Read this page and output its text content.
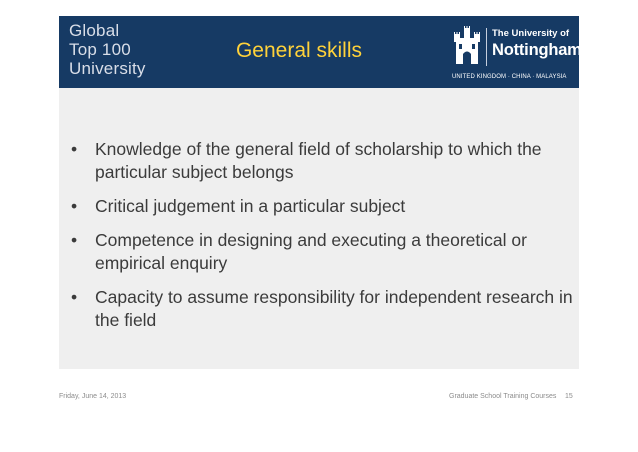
Global
Top 100
University
General skills
The University of
Nottingham
UNITED KINGDOM · CHINA · MALAYSIA
• Knowledge of the general field of scholarship to which the particular subject belongs
• Critical judgement in a particular subject
• Competence in designing and executing a theoretical or empirical enquiry
• Capacity to assume responsibility for independent research in the field
Friday, June 14, 2013	Graduate School Training Courses 15
